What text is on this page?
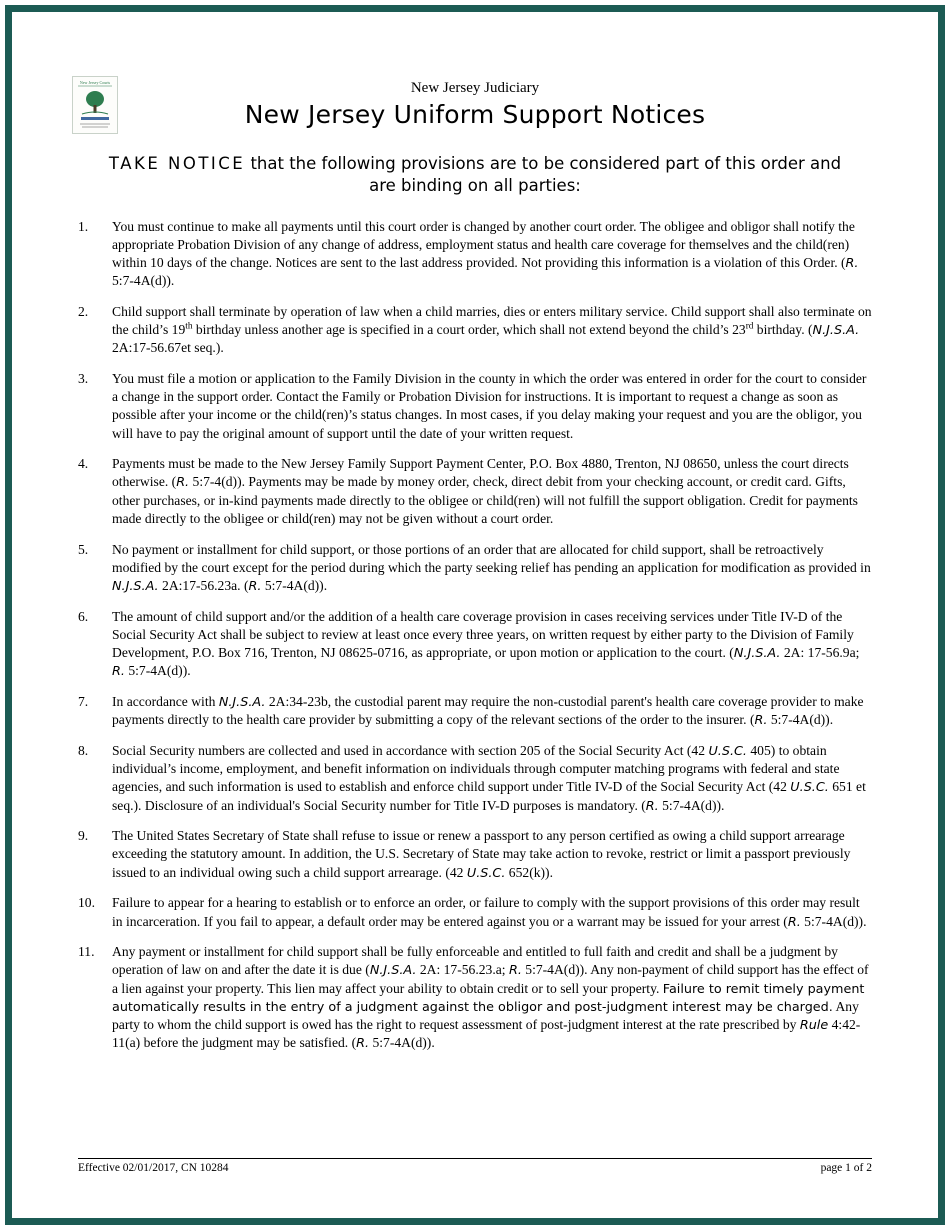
New Jersey Courts	New Jersey Judiciary
New Jersey Uniform Support Notices
TAKE NOTICE that the following provisions are to be considered part of this order and are binding on all parties:
1.	You must continue to make all payments until this court order is changed by another court order. The obligee and obligor shall notify the appropriate Probation Division of any change of address, employment status and health care coverage for themselves and the child(ren) within 10 days of the change. Notices are sent to the last address provided. Not providing this information is a violation of this Order. (R. 5:7-4A(d)).
2.	Child support shall terminate by operation of law when a child marries, dies or enters military service. Child support shall also terminate on the child’s 19th birthday unless another age is specified in a court order, which shall not extend beyond the child’s 23rd birthday. (N.J.S.A. 2A:17-56.67et seq.).
3.	You must file a motion or application to the Family Division in the county in which the order was entered in order for the court to consider a change in the support order. Contact the Family or Probation Division for instructions. It is important to request a change as soon as possible after your income or the child(ren)’s status changes. In most cases, if you delay making your request and you are the obligor, you will have to pay the original amount of support until the date of your written request.
4.	Payments must be made to the New Jersey Family Support Payment Center, P.O. Box 4880, Trenton, NJ 08650, unless the court directs otherwise. (R. 5:7-4(d)). Payments may be made by money order, check, direct debit from your checking account, or credit card. Gifts, other purchases, or in-kind payments made directly to the obligee or child(ren) will not fulfill the support obligation. Credit for payments made directly to the obligee or child(ren) may not be given without a court order.
5.	No payment or installment for child support, or those portions of an order that are allocated for child support, shall be retroactively modified by the court except for the period during which the party seeking relief has pending an application for modification as provided in N.J.S.A. 2A:17-56.23a. (R. 5:7-4A(d)).
6.	The amount of child support and/or the addition of a health care coverage provision in cases receiving services under Title IV-D of the Social Security Act shall be subject to review at least once every three years, on written request by either party to the Division of Family Development, P.O. Box 716, Trenton, NJ 08625-0716, as appropriate, or upon motion or application to the court. (N.J.S.A. 2A: 17-56.9a; R. 5:7-4A(d)).
7.	In accordance with N.J.S.A. 2A:34-23b, the custodial parent may require the non-custodial parent's health care coverage provider to make payments directly to the health care provider by submitting a copy of the relevant sections of the order to the insurer. (R. 5:7-4A(d)).
8.	Social Security numbers are collected and used in accordance with section 205 of the Social Security Act (42 U.S.C. 405) to obtain individual’s income, employment, and benefit information on individuals through computer matching programs with federal and state agencies, and such information is used to establish and enforce child support under Title IV-D of the Social Security Act (42 U.S.C. 651 et seq.). Disclosure of an individual's Social Security number for Title IV-D purposes is mandatory. (R. 5:7-4A(d)).
9.	The United States Secretary of State shall refuse to issue or renew a passport to any person certified as owing a child support arrearage exceeding the statutory amount. In addition, the U.S. Secretary of State may take action to revoke, restrict or limit a passport previously issued to an individual owing such a child support arrearage. (42 U.S.C. 652(k)).
10.	Failure to appear for a hearing to establish or to enforce an order, or failure to comply with the support provisions of this order may result in incarceration. If you fail to appear, a default order may be entered against you or a warrant may be issued for your arrest (R. 5:7-4A(d)).
11.	Any payment or installment for child support shall be fully enforceable and entitled to full faith and credit and shall be a judgment by operation of law on and after the date it is due (N.J.S.A. 2A: 17-56.23.a; R. 5:7-4A(d)). Any non-payment of child support has the effect of a lien against your property. This lien may affect your ability to obtain credit or to sell your property. Failure to remit timely payment automatically results in the entry of a judgment against the obligor and post-judgment interest may be charged. Any party to whom the child support is owed has the right to request assessment of post-judgment interest at the rate prescribed by Rule 4:42-11(a) before the judgment may be satisfied. (R. 5:7-4A(d)).
Effective 02/01/2017, CN 10284	page 1 of 2
